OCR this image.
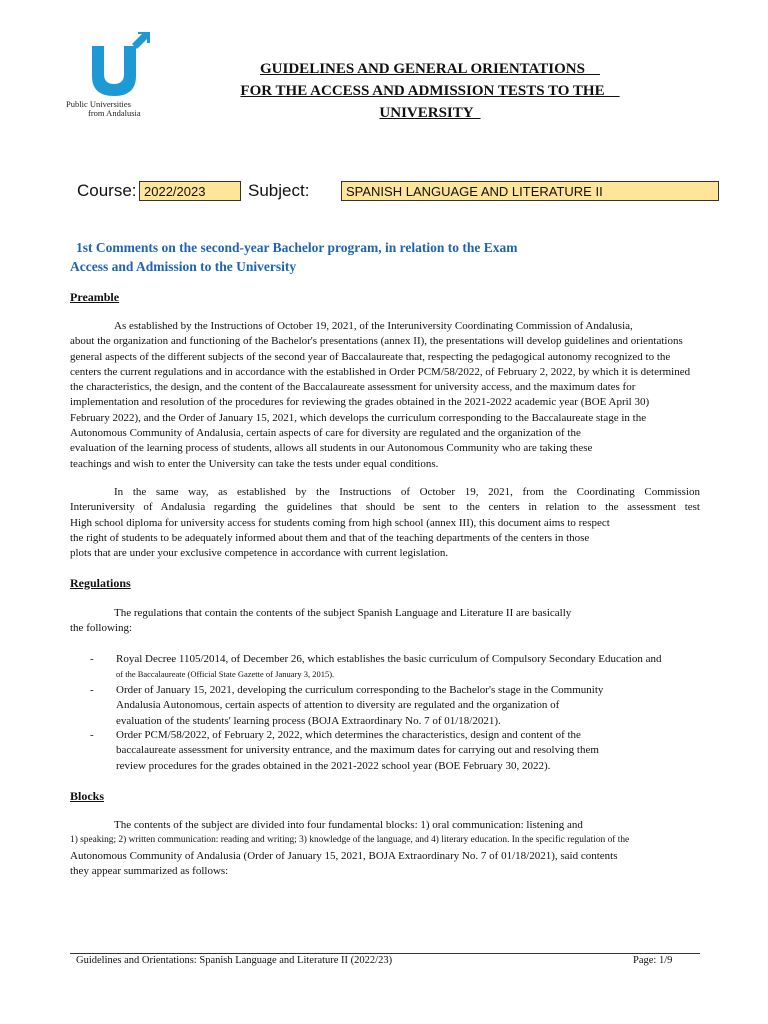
Public Universities
from Andalusia
GUIDELINES AND GENERAL ORIENTATIONS
FOR THE ACCESS AND ADMISSION TESTS TO THE
UNIVERSITY
Course: 2022/2023	Subject:	SPANISH LANGUAGE AND LITERATURE II
1st Comments on the second-year Bachelor program, in relation to the Exam
Access and Admission to the University
Preamble
As established by the Instructions of October 19, 2021, of the Interuniversity Coordinating Commission of Andalusia,
about the organization and functioning of the Bachelor's presentations (annex II), the presentations will develop guidelines and orientations
general aspects of the different subjects of the second year of Baccalaureate that, respecting the pedagogical autonomy recognized to the
centers the current regulations and in accordance with the established in Order PCM/58/2022, of February 2, 2022, by which it is determined
the characteristics, the design, and the content of the Baccalaureate assessment for university access, and the maximum dates for
implementation and resolution of the procedures for reviewing the grades obtained in the 2021-2022 academic year (BOE April 30)
February 2022), and the Order of January 15, 2021, which develops the curriculum corresponding to the Baccalaureate stage in the
Autonomous Community of Andalusia, certain aspects of care for diversity are regulated and the organization of the
evaluation of the learning process of students, allows all students in our Autonomous Community who are taking these
teachings and wish to enter the University can take the tests under equal conditions.
In the same way, as established by the Instructions of October 19, 2021, from the Coordinating Commission
Interuniversity of Andalusia regarding the guidelines that should be sent to the centers in relation to the assessment test
High school diploma for university access for students coming from high school (annex III), this document aims to respect
the right of students to be adequately informed about them and that of the teaching departments of the centers in those
plots that are under your exclusive competence in accordance with current legislation.
Regulations
The regulations that contain the contents of the subject Spanish Language and Literature II are basically
the following:
- Royal Decree 1105/2014, of December 26, which establishes the basic curriculum of Compulsory Secondary Education and
of the Baccalaureate (Official State Gazette of January 3, 2015).
- Order of January 15, 2021, developing the curriculum corresponding to the Bachelor's stage in the Community
Andalusia Autonomous, certain aspects of attention to diversity are regulated and the organization of
evaluation of the students' learning process (BOJA Extraordinary No. 7 of 01/18/2021).
- Order PCM/58/2022, of February 2, 2022, which determines the characteristics, design and content of the
baccalaureate assessment for university entrance, and the maximum dates for carrying out and resolving them
review procedures for the grades obtained in the 2021-2022 school year (BOE February 30, 2022).
Blocks
The contents of the subject are divided into four fundamental blocks: 1) oral communication: listening and
1) speaking; 2) written communication: reading and writing; 3) knowledge of the language, and 4) literary education. In the specific regulation of the
Autonomous Community of Andalusia (Order of January 15, 2021, BOJA Extraordinary No. 7 of 01/18/2021), said contents
they appear summarized as follows:
Guidelines and Orientations: Spanish Language and Literature II (2022/23)	Page: 1/9
